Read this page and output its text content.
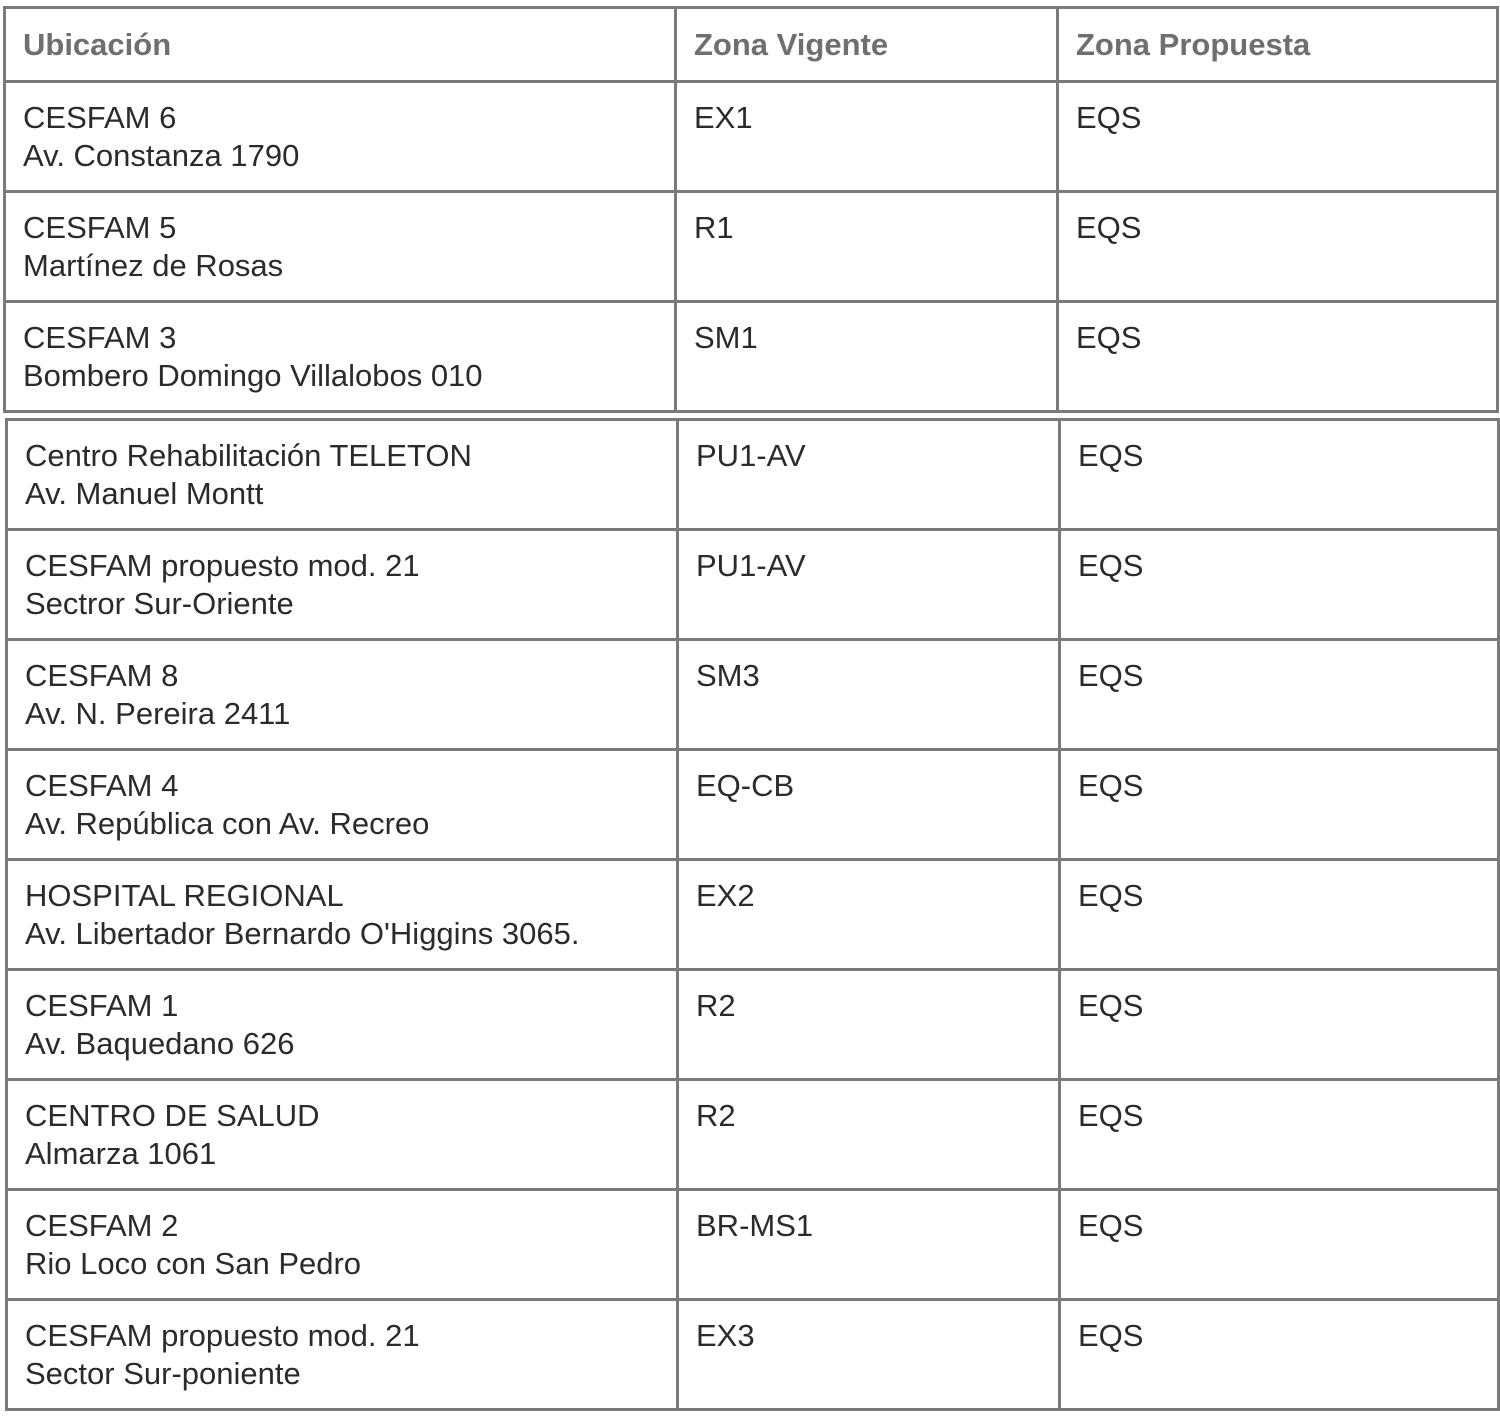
Ubicación	Zona Vigente	Zona Propuesta

CESFAM 6
Av. Constanza 1790	EX1	EQS

CESFAM 5
Martínez de Rosas	R1	EQS

CESFAM 3
Bombero Domingo Villalobos 010	SM1	EQS
Centro Rehabilitación TELETON
Av. Manuel Montt	PU1-AV	EQS

CESFAM propuesto mod. 21
Sectror Sur-Oriente	PU1-AV	EQS

CESFAM 8
Av. N. Pereira 2411	SM3	EQS

CESFAM 4
Av. República con Av. Recreo	EQ-CB	EQS

HOSPITAL REGIONAL
Av. Libertador Bernardo O'Higgins 3065.	EX2	EQS

CESFAM 1
Av. Baquedano 626	R2	EQS

CENTRO DE SALUD
Almarza 1061	R2	EQS

CESFAM 2
Rio Loco con San Pedro	BR-MS1	EQS

CESFAM propuesto mod. 21
Sector Sur-poniente	EX3	EQS
